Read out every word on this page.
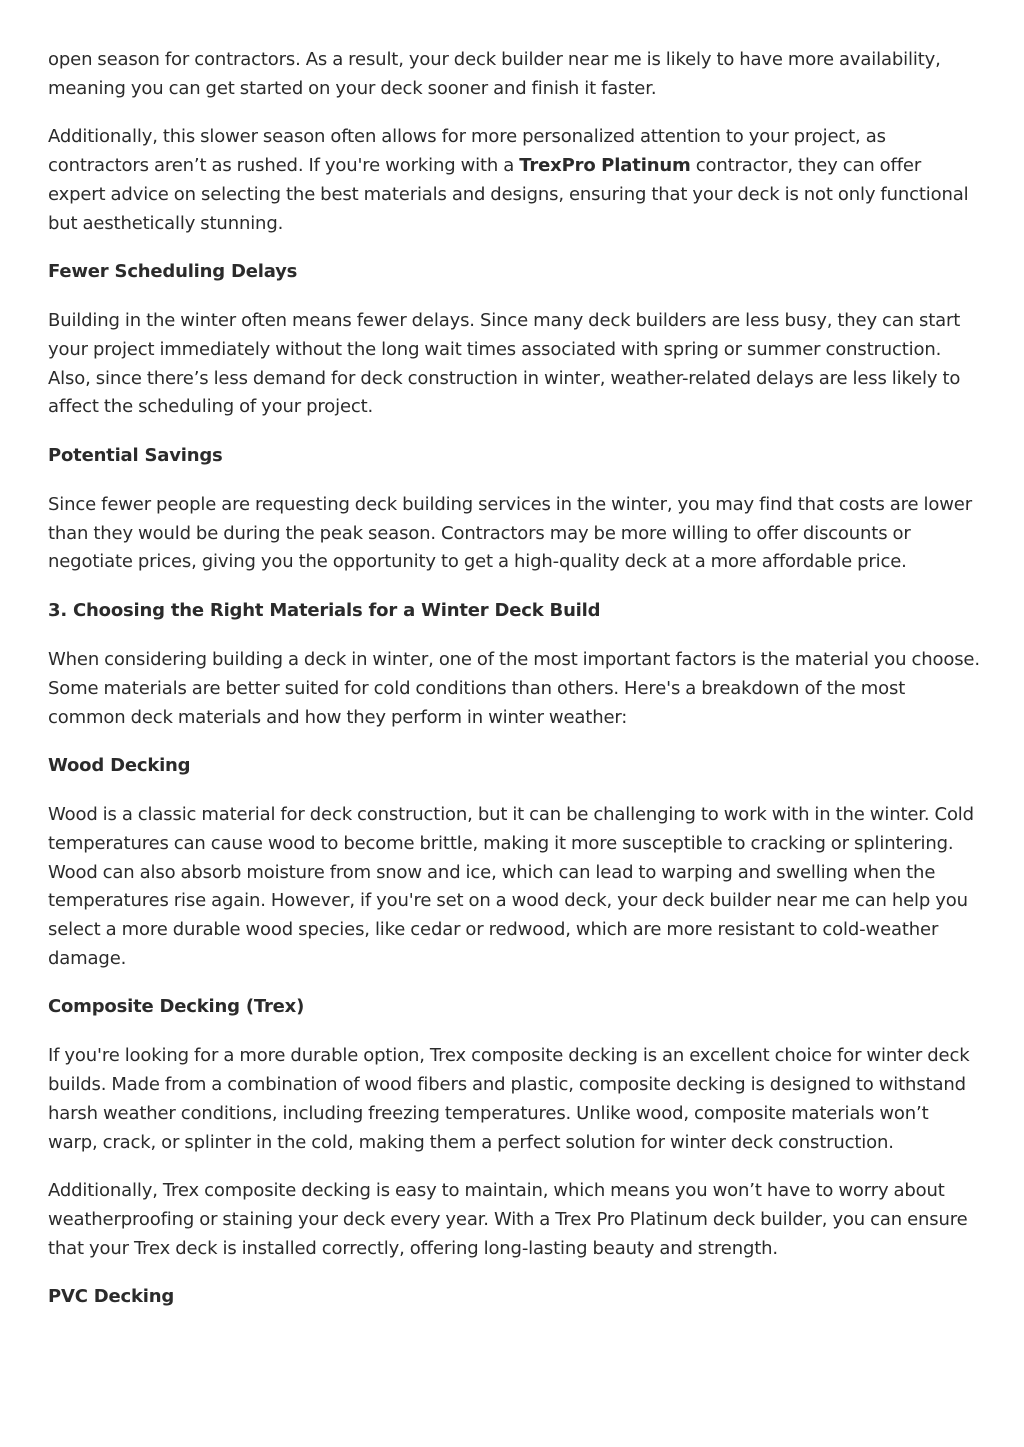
open season for contractors. As a result, your deck builder near me is likely to have more availability, meaning you can get started on your deck sooner and finish it faster.

Additionally, this slower season often allows for more personalized attention to your project, as contractors aren’t as rushed. If you're working with a TrexPro Platinum contractor, they can offer expert advice on selecting the best materials and designs, ensuring that your deck is not only functional but aesthetically stunning.

Fewer Scheduling Delays

Building in the winter often means fewer delays. Since many deck builders are less busy, they can start your project immediately without the long wait times associated with spring or summer construction. Also, since there’s less demand for deck construction in winter, weather-related delays are less likely to affect the scheduling of your project.

Potential Savings

Since fewer people are requesting deck building services in the winter, you may find that costs are lower than they would be during the peak season. Contractors may be more willing to offer discounts or negotiate prices, giving you the opportunity to get a high-quality deck at a more affordable price.

3. Choosing the Right Materials for a Winter Deck Build

When considering building a deck in winter, one of the most important factors is the material you choose. Some materials are better suited for cold conditions than others. Here's a breakdown of the most common deck materials and how they perform in winter weather:

Wood Decking

Wood is a classic material for deck construction, but it can be challenging to work with in the winter. Cold temperatures can cause wood to become brittle, making it more susceptible to cracking or splintering. Wood can also absorb moisture from snow and ice, which can lead to warping and swelling when the temperatures rise again. However, if you're set on a wood deck, your deck builder near me can help you select a more durable wood species, like cedar or redwood, which are more resistant to cold-weather damage.

Composite Decking (Trex)

If you're looking for a more durable option, Trex composite decking is an excellent choice for winter deck builds. Made from a combination of wood fibers and plastic, composite decking is designed to withstand harsh weather conditions, including freezing temperatures. Unlike wood, composite materials won’t warp, crack, or splinter in the cold, making them a perfect solution for winter deck construction.

Additionally, Trex composite decking is easy to maintain, which means you won’t have to worry about weatherproofing or staining your deck every year. With a Trex Pro Platinum deck builder, you can ensure that your Trex deck is installed correctly, offering long-lasting beauty and strength.

PVC Decking
